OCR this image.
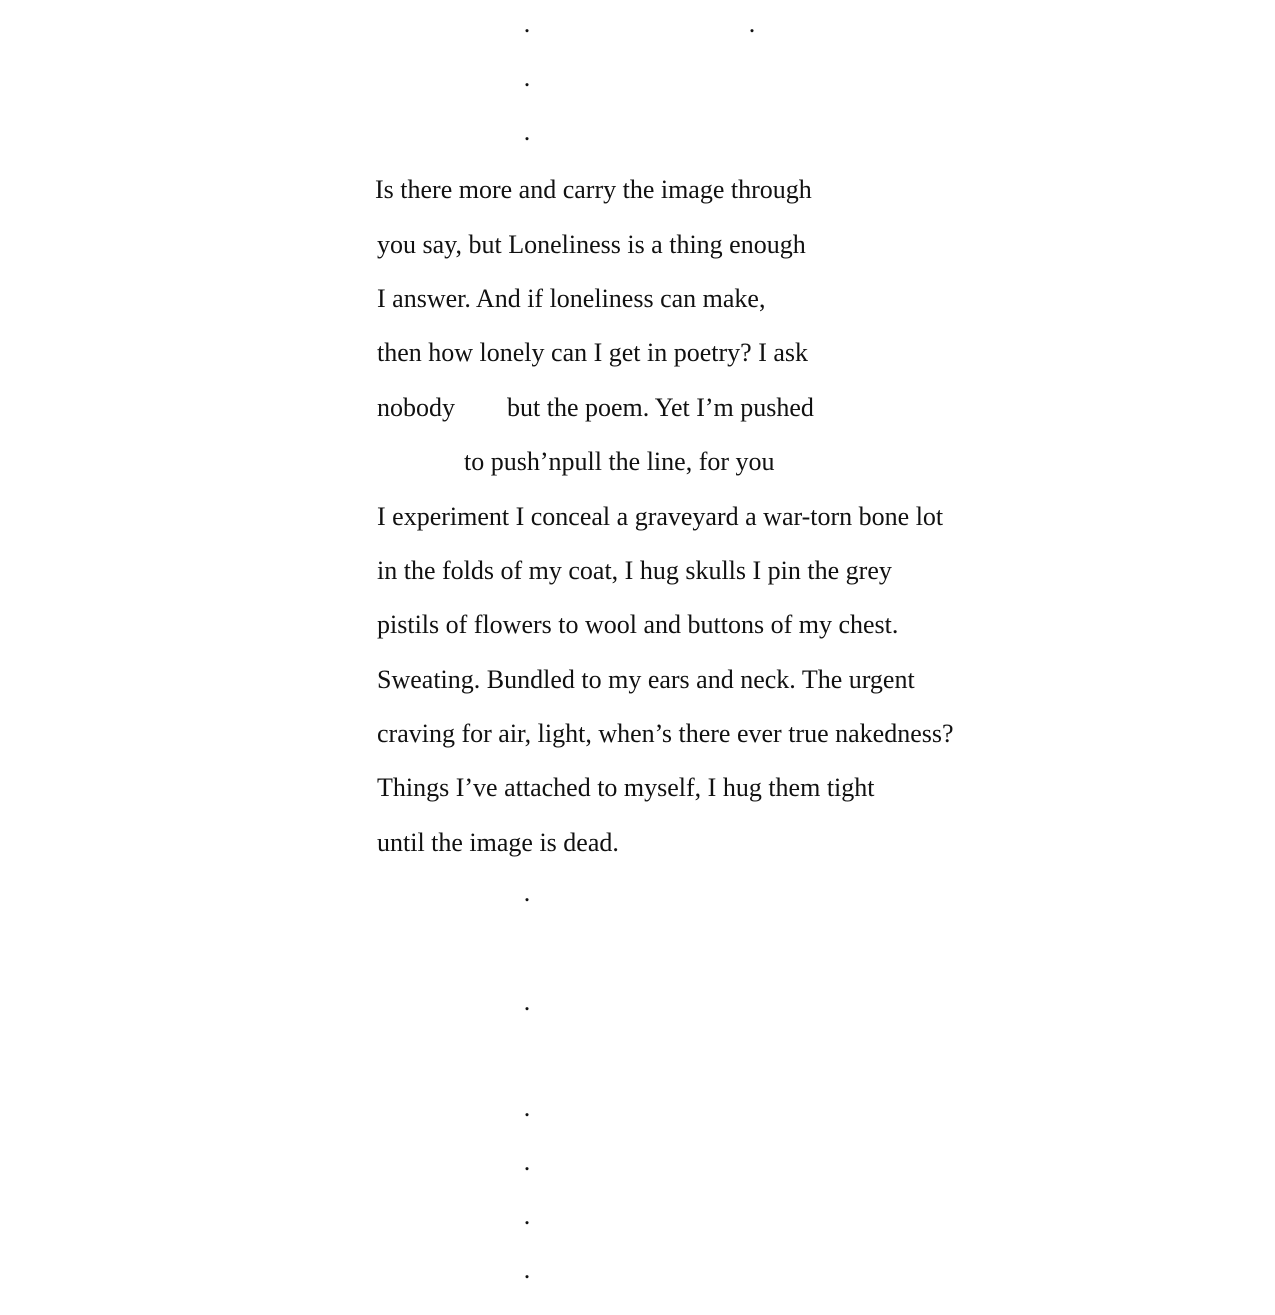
.	.
.
.
Is there more and carry the image through
you say, but Loneliness is a thing enough
I answer. And if loneliness can make,
then how lonely can I get in poetry? I ask
nobody        but the poem. Yet I’m pushed
to push’npull the line, for you
I experiment I conceal a graveyard a war-torn bone lot
in the folds of my coat, I hug skulls I pin the grey
pistils of flowers to wool and buttons of my chest.
Sweating. Bundled to my ears and neck. The urgent
craving for air, light, when’s there ever true nakedness?
Things I’ve attached to myself, I hug them tight
until the image is dead.
.
.
.
.
.
.
